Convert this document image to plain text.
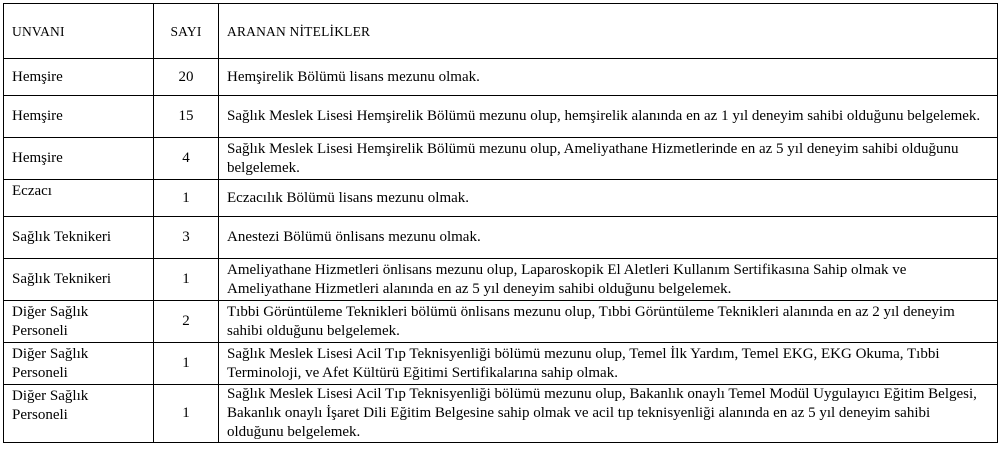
UNVANI	SAYI	ARANAN NİTELİKLER
Hemşire	20	Hemşirelik Bölümü lisans mezunu olmak.
Hemşire	15	Sağlık Meslek Lisesi Hemşirelik Bölümü mezunu olup, hemşirelik alanında en az 1 yıl deneyim sahibi olduğunu belgelemek.
Hemşire	4	Sağlık Meslek Lisesi Hemşirelik Bölümü mezunu olup, Ameliyathane Hizmetlerinde en az 5 yıl deneyim sahibi olduğunu belgelemek.
Eczacı	1	Eczacılık Bölümü lisans mezunu olmak.
Sağlık Teknikeri	3	Anestezi Bölümü önlisans mezunu olmak.
Sağlık Teknikeri	1	Ameliyathane Hizmetleri önlisans mezunu olup, Laparoskopik El Aletleri Kullanım Sertifikasına Sahip olmak ve Ameliyathane Hizmetleri alanında en az 5 yıl deneyim sahibi olduğunu belgelemek.
Diğer Sağlık Personeli	2	Tıbbi Görüntüleme Teknikleri bölümü önlisans mezunu olup, Tıbbi Görüntüleme Teknikleri alanında en az 2 yıl deneyim sahibi olduğunu belgelemek.
Diğer Sağlık Personeli	1	Sağlık Meslek Lisesi Acil Tıp Teknisyenliği bölümü mezunu olup, Temel İlk Yardım, Temel EKG, EKG Okuma, Tıbbi Terminoloji, ve Afet Kültürü Eğitimi Sertifikalarına sahip olmak.
Diğer Sağlık Personeli	1	Sağlık Meslek Lisesi Acil Tıp Teknisyenliği bölümü mezunu olup, Bakanlık onaylı Temel Modül Uygulayıcı Eğitim Belgesi, Bakanlık onaylı İşaret Dili Eğitim Belgesine sahip olmak ve acil tıp teknisyenliği alanında en az 5 yıl deneyim sahibi olduğunu belgelemek.
